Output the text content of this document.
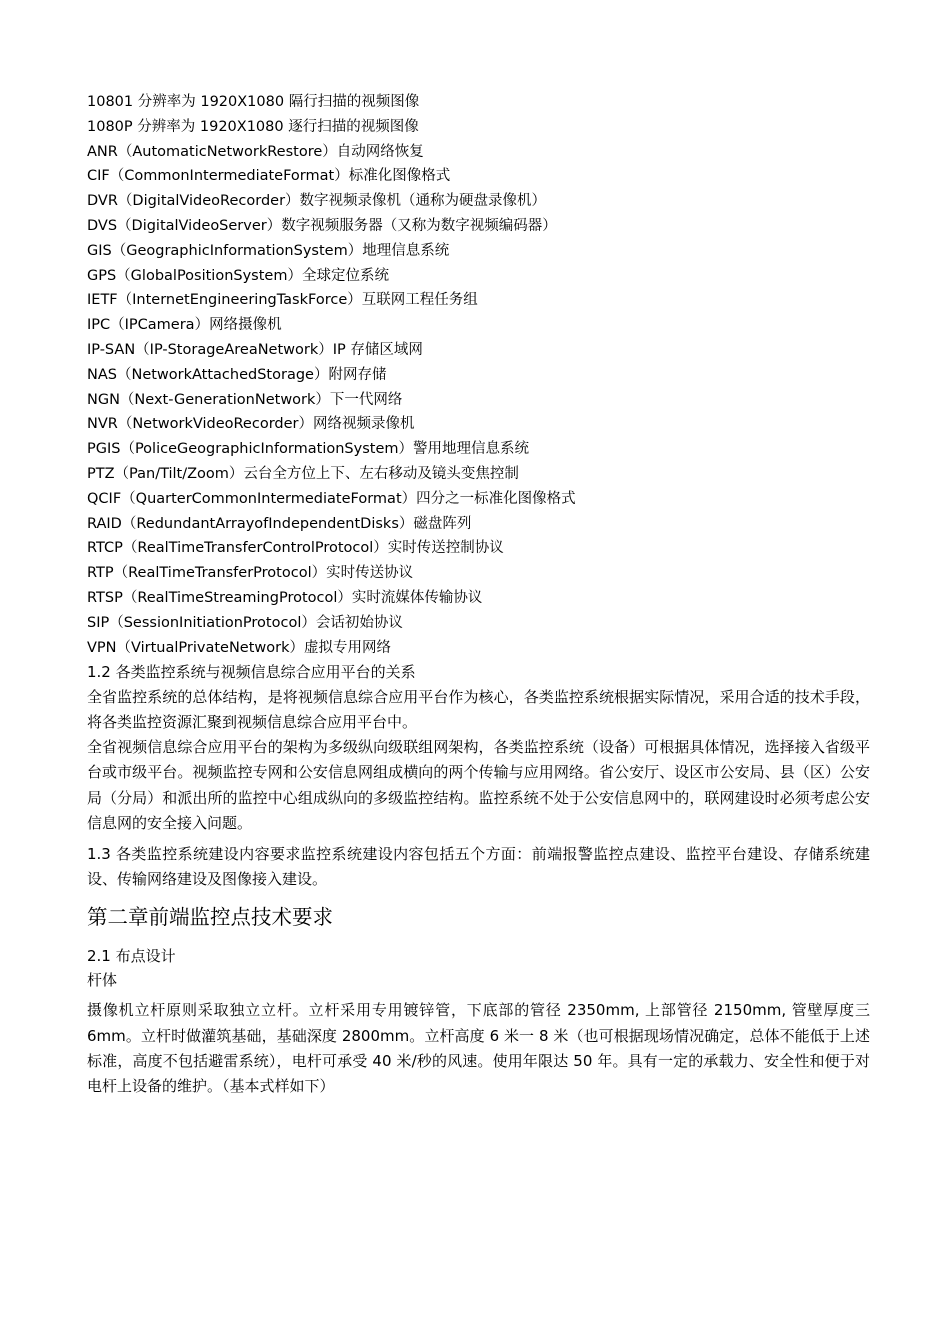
10801 分辨率为 1920X1080 隔行扫描的视频图像
1080P 分辨率为 1920X1080 逐行扫描的视频图像
ANR（AutomaticNetworkRestore）自动网络恢复
CIF（CommonIntermediateFormat）标准化图像格式
DVR（DigitalVideoRecorder）数字视频录像机（通称为硬盘录像机）
DVS（DigitalVideoServer）数字视频服务器（又称为数字视频编码器）
GIS（GeographicInformationSystem）地理信息系统
GPS（GlobalPositionSystem）全球定位系统
IETF（InternetEngineeringTaskForce）互联网工程任务组
IPC（IPCamera）网络摄像机
IP-SAN（IP-StorageAreaNetwork）IP 存储区域网
NAS（NetworkAttachedStorage）附网存储
NGN（Next-GenerationNetwork）下一代网络
NVR（NetworkVideoRecorder）网络视频录像机
PGIS（PoliceGeographicInformationSystem）警用地理信息系统
PTZ（Pan/Tilt/Zoom）云台全方位上下、左右移动及镜头变焦控制
QCIF（QuarterCommonIntermediateFormat）四分之一标准化图像格式
RAID（RedundantArrayofIndependentDisks）磁盘阵列
RTCP（RealTimeTransferControlProtocol）实时传送控制协议
RTP（RealTimeTransferProtocol）实时传送协议
RTSP（RealTimeStreamingProtocol）实时流媒体传输协议
SIP（SessionInitiationProtocol）会话初始协议
VPN（VirtualPrivateNetwork）虚拟专用网络

1.2 各类监控系统与视频信息综合应用平台的关系

全省监控系统的总体结构，是将视频信息综合应用平台作为核心，各类监控系统根据实际情况，采用合适的技术手段，将各类监控资源汇聚到视频信息综合应用平台中。

全省视频信息综合应用平台的架构为多级纵向级联组网架构，各类监控系统（设备）可根据具体情况，选择接入省级平台或市级平台。视频监控专网和公安信息网组成横向的两个传输与应用网络。省公安厅、设区市公安局、县（区）公安局（分局）和派出所的监控中心组成纵向的多级监控结构。监控系统不处于公安信息网中的，联网建设时必须考虑公安信息网的安全接入问题。

1.3 各类监控系统建设内容要求监控系统建设内容包括五个方面：前端报警监控点建设、监控平台建设、存储系统建设、传输网络建设及图像接入建设。

第二章前端监控点技术要求

2.1 布点设计

杆体

摄像机立杆原则采取独立立杆。立杆采用专用镀锌管，下底部的管径 2350mm, 上部管径 2150mm, 管壁厚度三 6mm。立杆时做灌筑基础，基础深度 2800mm。立杆高度 6 米一 8 米（也可根据现场情况确定，总体不能低于上述标准，高度不包括避雷系统），电杆可承受 40 米/秒的风速。使用年限达 50 年。具有一定的承载力、安全性和便于对电杆上设备的维护。（基本式样如下）
